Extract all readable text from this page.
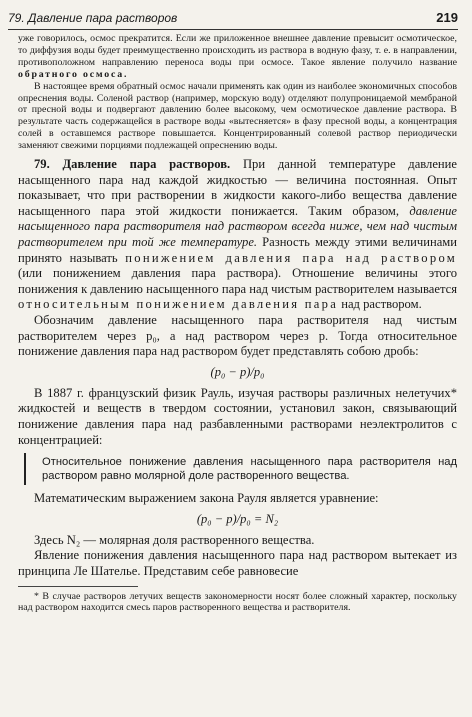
79. Давление пара растворов	219

уже говорилось, осмос прекратится. Если же приложенное внешнее давление превысит осмотическое, то диффузия воды будет преимущественно происходить из раствора в водную фазу, т. е. в направлении, противоположном направлению переноса воды при осмосе. Такое явление получило название обратного осмоса.

В настоящее время обратный осмос начали применять как один из наиболее экономичных способов опреснения воды. Соленой раствор (например, морскую воду) отделяют полупроницаемой мембраной от пресной воды и подвергают давлению более высокому, чем осмотическое давление раствора. В результате часть содержащейся в растворе воды «вытесняется» в фазу пресной воды, а концентрация солей в оставшемся растворе повышается. Концентрированный солевой раствор периодически заменяют свежими порциями подлежащей опреснению воды.

79. Давление пара растворов. При данной температуре давление насыщенного пара над каждой жидкостью — величина постоянная. Опыт показывает, что при растворении в жидкости какого-либо вещества давление насыщенного пара этой жидкости понижается. Таким образом, давление насыщенного пара растворителя над раствором всегда ниже, чем над чистым растворителем при той же температуре. Разность между этими величинами принято называть понижением давления пара над раствором (или понижением давления пара раствора). Отношение величины этого понижения к давлению насыщенного пара над чистым растворителем называется относительным понижением давления пара над раствором.

Обозначим давление насыщенного пара растворителя над чистым растворителем через p₀, а над раствором через p. Тогда относительное понижение давления пара над раствором будет представлять собою дробь:

(p₀ − p)/p₀

В 1887 г. французский физик Рауль, изучая растворы различных нелетучих* жидкостей и веществ в твердом состоянии, установил закон, связывающий понижение давления пара над разбавленными растворами неэлектролитов с концентрацией:

Относительное понижение давления насыщенного пара растворителя над раствором равно молярной доле растворенного вещества.

Математическим выражением закона Рауля является уравнение:

(p₀ − p)/p₀ = N₂

Здесь N₂ — молярная доля растворенного вещества.

Явление понижения давления насыщенного пара над раствором вытекает из принципа Ле Шателье. Представим себе равновесие

* В случае растворов летучих веществ закономерности носят более сложный характер, поскольку над раствором находится смесь паров растворенного вещества и растворителя.
